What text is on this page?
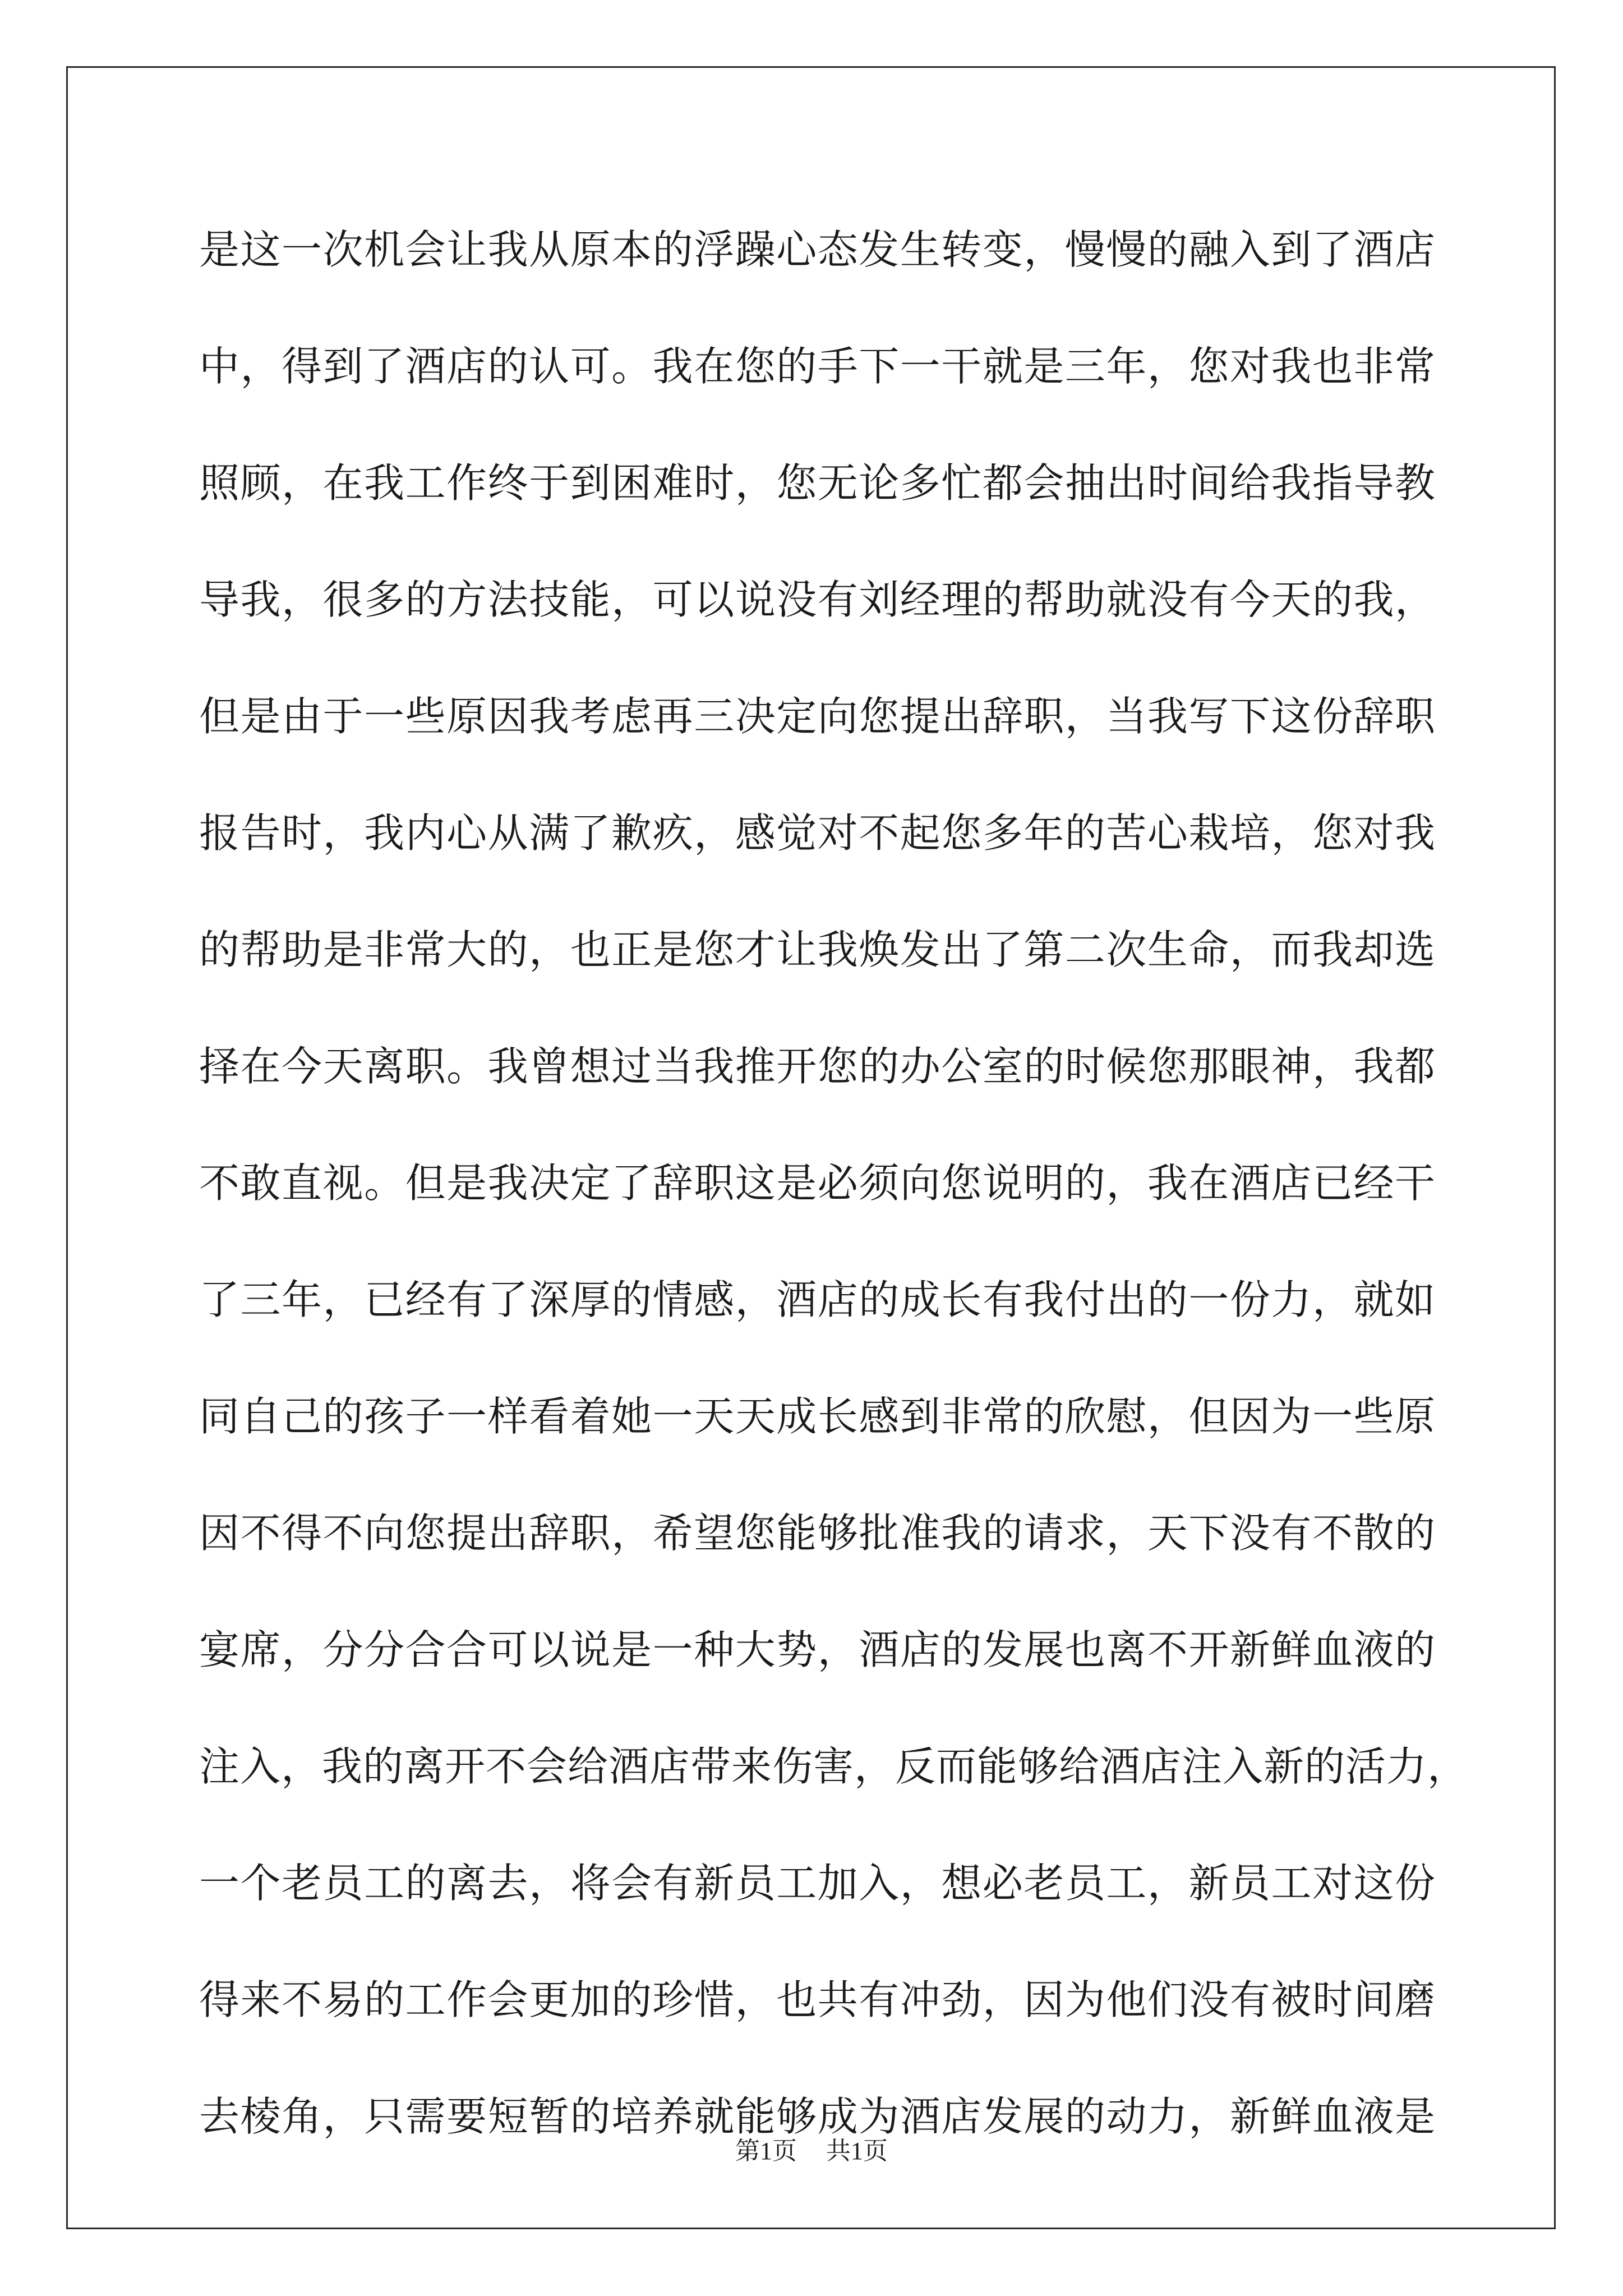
是这一次机会让我从原本的浮躁心态发生转变，慢慢的融入到了酒店
中，得到了酒店的认可。我在您的手下一干就是三年，您对我也非常
照顾，在我工作终于到困难时，您无论多忙都会抽出时间给我指导教
导我，很多的方法技能，可以说没有刘经理的帮助就没有今天的我，
但是由于一些原因我考虑再三决定向您提出辞职，当我写下这份辞职
报告时，我内心从满了歉疚，感觉对不起您多年的苦心栽培，您对我
的帮助是非常大的，也正是您才让我焕发出了第二次生命，而我却选
择在今天离职。我曾想过当我推开您的办公室的时候您那眼神，我都
不敢直视。但是我决定了辞职这是必须向您说明的，我在酒店已经干
了三年，已经有了深厚的情感，酒店的成长有我付出的一份力，就如
同自己的孩子一样看着她一天天成长感到非常的欣慰，但因为一些原
因不得不向您提出辞职，希望您能够批准我的请求，天下没有不散的
宴席，分分合合可以说是一种大势，酒店的发展也离不开新鲜血液的
注入，我的离开不会给酒店带来伤害，反而能够给酒店注入新的活力，
一个老员工的离去，将会有新员工加入，想必老员工，新员工对这份
得来不易的工作会更加的珍惜，也共有冲劲，因为他们没有被时间磨
去棱角，只需要短暂的培养就能够成为酒店发展的动力，新鲜血液是
第1页 共1页
